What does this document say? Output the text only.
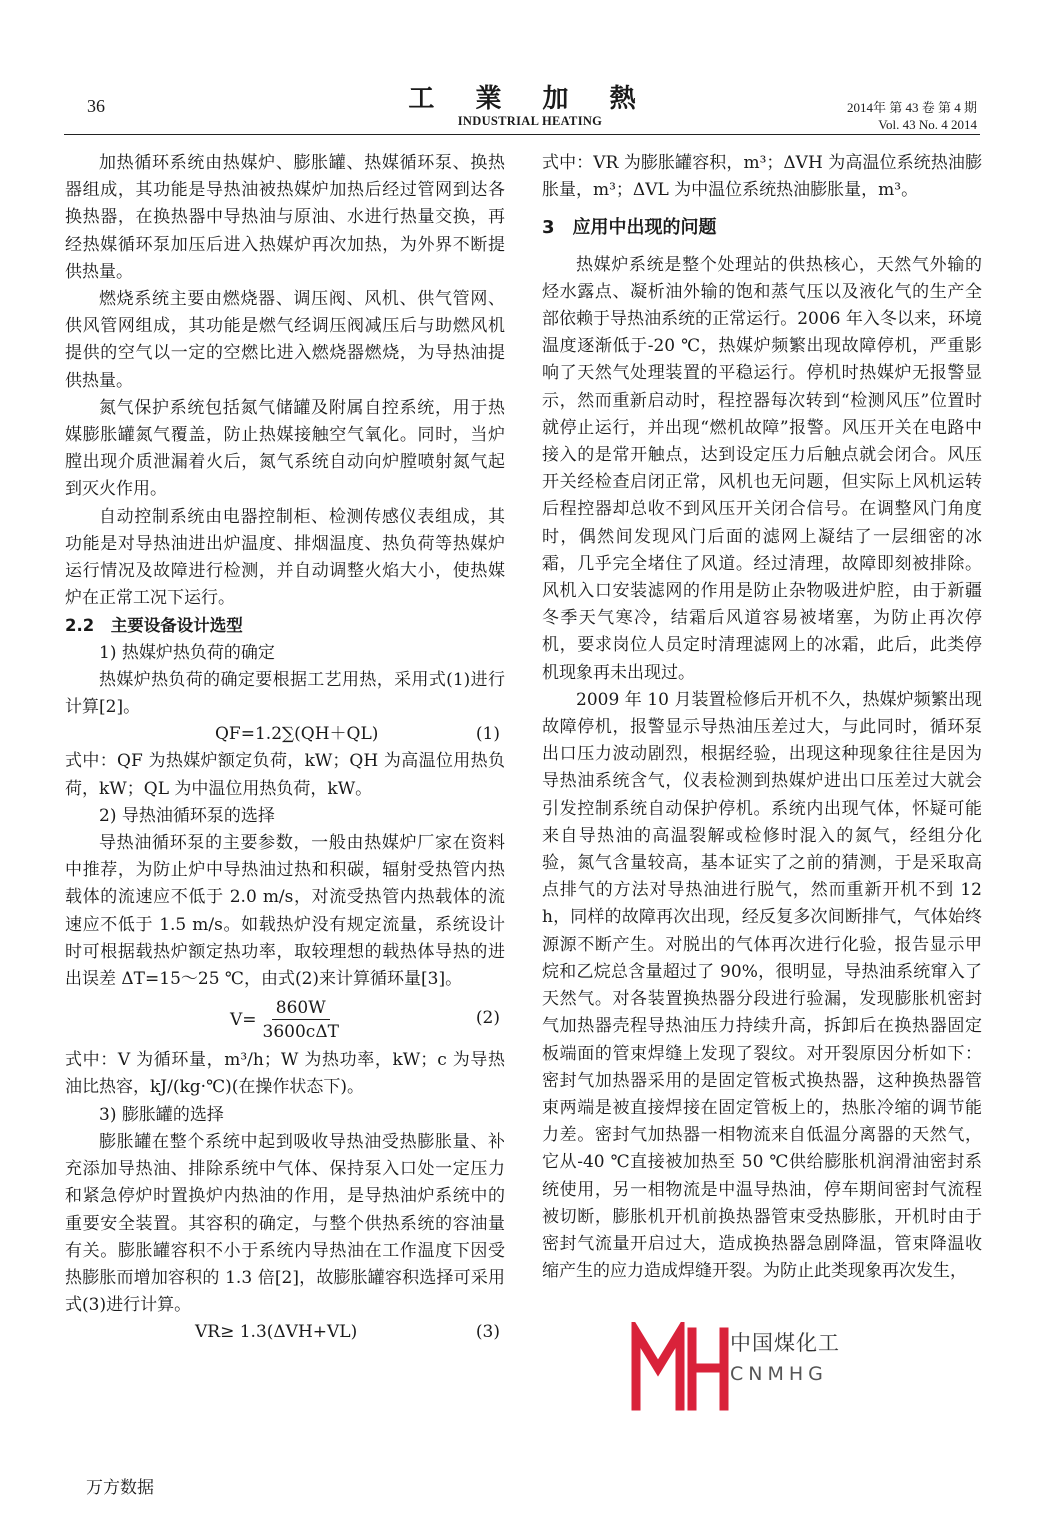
36	工 業 加 熱
INDUSTRIAL HEATING
2014年 第 43 卷 第 4 期
Vol. 43 No. 4 2014

加热循环系统由热媒炉、膨胀罐、热媒循环泵、换热器组成，其功能是导热油被热媒炉加热后经过管网到达各换热器，在换热器中导热油与原油、水进行热量交换，再经热媒循环泵加压后进入热媒炉再次加热，为外界不断提供热量。

燃烧系统主要由燃烧器、调压阀、风机、供气管网、供风管网组成，其功能是燃气经调压阀减压后与助燃风机提供的空气以一定的空燃比进入燃烧器燃烧，为导热油提供热量。

氮气保护系统包括氮气储罐及附属自控系统，用于热媒膨胀罐氮气覆盖，防止热媒接触空气氧化。同时，当炉膛出现介质泄漏着火后，氮气系统自动向炉膛喷射氮气起到灭火作用。

自动控制系统由电器控制柜、检测传感仪表组成，其功能是对导热油进出炉温度、排烟温度、热负荷等热媒炉运行情况及故障进行检测，并自动调整火焰大小，使热媒炉在正常工况下运行。

2.2　主要设备设计选型

1) 热媒炉热负荷的确定

热媒炉热负荷的确定要根据工艺用热，采用式(1)进行计算[2]。

QF=1.2∑(QH＋QL)	(1)

式中：QF 为热媒炉额定负荷，kW；QH 为高温位用热负荷，kW；QL 为中温位用热负荷，kW。

2) 导热油循环泵的选择

导热油循环泵的主要参数，一般由热媒炉厂家在资料中推荐，为防止炉中导热油过热和积碳，辐射受热管内热载体的流速应不低于 2.0 m/s，对流受热管内热载体的流速应不低于 1.5 m/s。如载热炉没有规定流量，系统设计时可根据载热炉额定热功率，取较理想的载热体导热的进出误差 ΔT=15～25 ℃，由式(2)来计算循环量[3]。

$V= \frac{860W}{\text{3600cΔT}}$	(2)

式中：V 为循环量，m³/h；W 为热功率，kW；c 为导热油比热容，kJ/(kg·℃)(在操作状态下)。

3) 膨胀罐的选择

膨胀罐在整个系统中起到吸收导热油受热膨胀量、补充添加导热油、排除系统中气体、保持泵入口处一定压力和紧急停炉时置换炉内热油的作用，是导热油炉系统中的重要安全装置。其容积的确定，与整个供热系统的容油量有关。膨胀罐容积不小于系统内导热油在工作温度下因受热膨胀而增加容积的 1.3 倍[2]，故膨胀罐容积选择可采用式(3)进行计算。

VR≥ 1.3(ΔVH+VL)	(3)

式中：VR 为膨胀罐容积，m³；ΔVH 为高温位系统热油膨胀量，m³；ΔVL 为中温位系统热油膨胀量，m³。

3　应用中出现的问题

热媒炉系统是整个处理站的供热核心，天然气外输的烃水露点、凝析油外输的饱和蒸气压以及液化气的生产全部依赖于导热油系统的正常运行。2006 年入冬以来，环境温度逐渐低于-20 ℃，热媒炉频繁出现故障停机，严重影响了天然气处理装置的平稳运行。停机时热媒炉无报警显示，然而重新启动时，程控器每次转到“检测风压”位置时就停止运行，并出现“燃机故障”报警。风压开关在电路中接入的是常开触点，达到设定压力后触点就会闭合。风压开关经检查启闭正常，风机也无问题，但实际上风机运转后程控器却总收不到风压开关闭合信号。在调整风门角度时，偶然间发现风门后面的滤网上凝结了一层细密的冰霜，几乎完全堵住了风道。经过清理，故障即刻被排除。风机入口安装滤网的作用是防止杂物吸进炉腔，由于新疆冬季天气寒冷，结霜后风道容易被堵塞，为防止再次停机，要求岗位人员定时清理滤网上的冰霜，此后，此类停机现象再未出现过。

2009 年 10 月装置检修后开机不久，热媒炉频繁出现故障停机，报警显示导热油压差过大，与此同时，循环泵出口压力波动剧烈，根据经验，出现这种现象往往是因为导热油系统含气，仪表检测到热媒炉进出口压差过大就会引发控制系统自动保护停机。系统内出现气体，怀疑可能来自导热油的高温裂解或检修时混入的氮气，经组分化验，氮气含量较高，基本证实了之前的猜测，于是采取高点排气的方法对导热油进行脱气，然而重新开机不到 12 h，同样的故障再次出现，经反复多次间断排气，气体始终源源不断产生。对脱出的气体再次进行化验，报告显示甲烷和乙烷总含量超过了 90%，很明显，导热油系统窜入了天然气。对各装置换热器分段进行验漏，发现膨胀机密封气加热器壳程导热油压力持续升高，拆卸后在换热器固定板端面的管束焊缝上发现了裂纹。对开裂原因分析如下：密封气加热器采用的是固定管板式换热器，这种换热器管束两端是被直接焊接在固定管板上的，热胀冷缩的调节能力差。密封气加热器一相物流来自低温分离器的天然气，它从-40 ℃直接被加热至 50 ℃供给膨胀机润滑油密封系统使用，另一相物流是中温导热油，停车期间密封气流程被切断，膨胀机开机前换热器管束受热膨胀，开机时由于密封气流量开启过大，造成换热器急剧降温，管束降温收缩产生的应力造成焊缝开裂。为防止此类现象再次发生，

中国煤化工
CNMHG
万方数据
